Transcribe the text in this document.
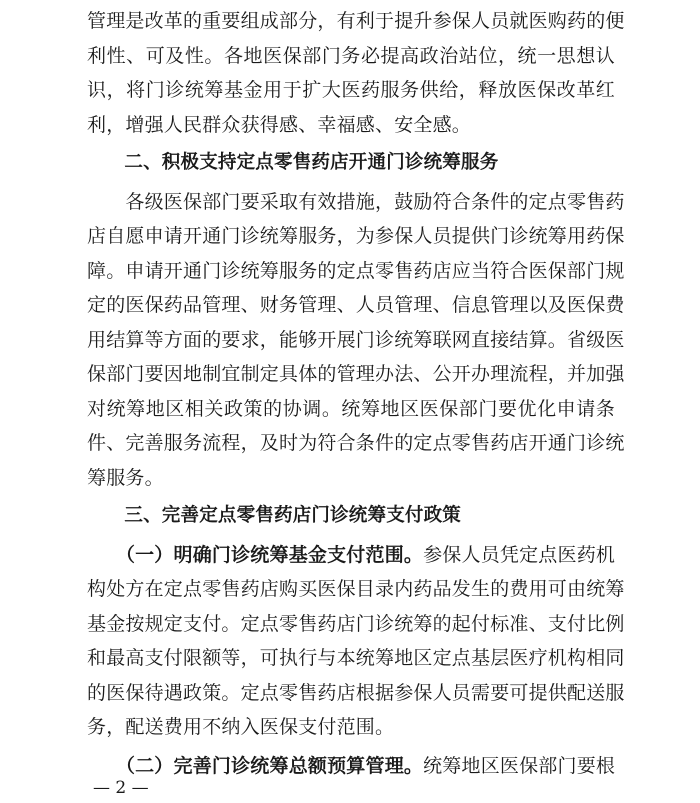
管理是改革的重要组成部分，有利于提升参保人员就医购药的便
利性、可及性。各地医保部门务必提高政治站位，统一思想认
识，将门诊统筹基金用于扩大医药服务供给，释放医保改革红
利，增强人民群众获得感、幸福感、安全感。
　　二、积极支持定点零售药店开通门诊统筹服务
　　各级医保部门要采取有效措施，鼓励符合条件的定点零售药
店自愿申请开通门诊统筹服务，为参保人员提供门诊统筹用药保
障。申请开通门诊统筹服务的定点零售药店应当符合医保部门规
定的医保药品管理、财务管理、人员管理、信息管理以及医保费
用结算等方面的要求，能够开展门诊统筹联网直接结算。省级医
保部门要因地制宜制定具体的管理办法、公开办理流程，并加强
对统筹地区相关政策的协调。统筹地区医保部门要优化申请条
件、完善服务流程，及时为符合条件的定点零售药店开通门诊统
筹服务。
　　三、完善定点零售药店门诊统筹支付政策
　　（一）明确门诊统筹基金支付范围。参保人员凭定点医药机
构处方在定点零售药店购买医保目录内药品发生的费用可由统筹
基金按规定支付。定点零售药店门诊统筹的起付标准、支付比例
和最高支付限额等，可执行与本统筹地区定点基层医疗机构相同
的医保待遇政策。定点零售药店根据参保人员需要可提供配送服
务，配送费用不纳入医保支付范围。
　　（二）完善门诊统筹总额预算管理。统筹地区医保部门要根
— 2 —
